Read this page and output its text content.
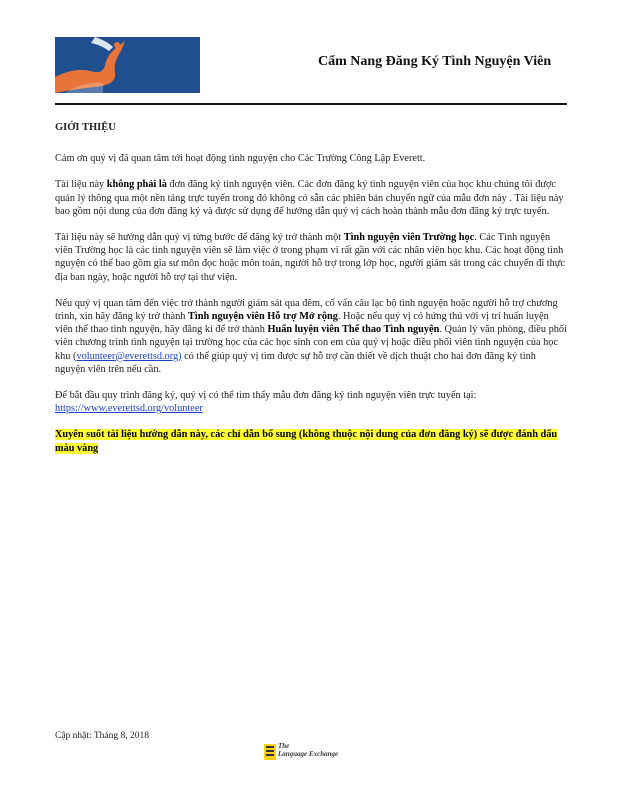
Cẩm Nang Đăng Ký Tình Nguyện Viên
GIỚI THIỆU

Cảm ơn quý vị đã quan tâm tới hoạt động tình nguyện cho Các Trường Công Lập Everett.

Tài liệu này không phải là đơn đăng ký tình nguyện viên. Các đơn đăng ký tình nguyện viên của học khu chúng tôi được quản lý thông qua một nền tảng trực tuyến trong đó không có sẵn các phiên bản chuyển ngữ của mẫu đơn này . Tài liệu này bao gồm nội dung của đơn đăng ký và được sử dụng để hướng dẫn quý vị cách hoàn thành mẫu đơn đăng ký trực tuyến.

Tài liệu này sẽ hướng dẫn quý vị từng bước để đăng ký trở thành một Tình nguyện viên Trường học. Các Tình nguyện viên Trường học là các tình nguyện viên sẽ làm việc ở trong phạm vi rất gần với các nhân viên học khu. Các hoạt động tình nguyện có thể bao gồm gia sư môn đọc hoặc môn toán, người hỗ trợ trong lớp học, người giám sát trong các chuyến đi thực địa ban ngày, hoặc người hỗ trợ tại thư viện.

Nếu quý vị quan tâm đến việc trở thành người giám sát qua đêm, cố vấn câu lạc bộ tình nguyện hoặc người hỗ trợ chương trình, xin hãy đăng ký trở thành Tình nguyện viên Hỗ trợ Mở rộng. Hoặc nếu quý vị có hứng thú với vị trí huấn luyện viên thể thao tình nguyện, hãy đăng kí để trở thành Huấn luyện viên Thể thao Tình nguyện. Quản lý văn phòng, điều phối viên chương trình tình nguyện tại trường học của các học sinh con em của quý vị hoặc điều phối viên tình nguyện của học khu (volunteer@everettsd.org) có thể giúp quý vị tìm được sự hỗ trợ cần thiết về dịch thuật cho hai đơn đăng ký tình nguyện viên trên nếu cần.

Để bắt đầu quy trình đăng ký, quý vị có thể tìm thấy mẫu đơn đăng ký tình nguyện viên trực tuyến tại: https://www.everettsd.org/volunteer

Xuyên suốt tài liệu hướng dẫn này, các chỉ dẫn bổ sung (không thuộc nội dung của đơn đăng ký) sẽ được đánh dấu màu vàng

Cập nhật: Tháng 8, 2018
The
Language Exchange
